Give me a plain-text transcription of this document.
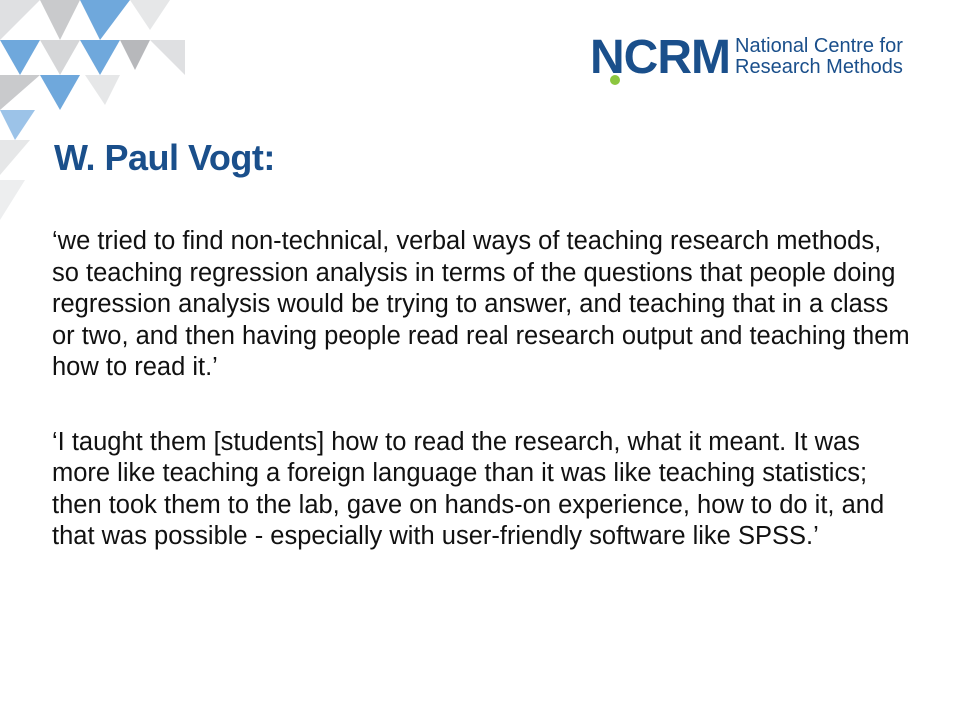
NCRM National Centre for
Research Methods
W. Paul Vogt:

‘we tried to find non-technical, verbal ways of teaching research methods, so teaching regression analysis in terms of the questions that people doing regression analysis would be trying to answer, and teaching that in a class or two, and then having people read real research output and teaching them how to read it.’

‘I taught them [students] how to read the research, what it meant. It was more like teaching a foreign language than it was like teaching statistics; then took them to the lab, gave on hands-on experience, how to do it, and that was possible - especially with user-friendly software like SPSS.’
